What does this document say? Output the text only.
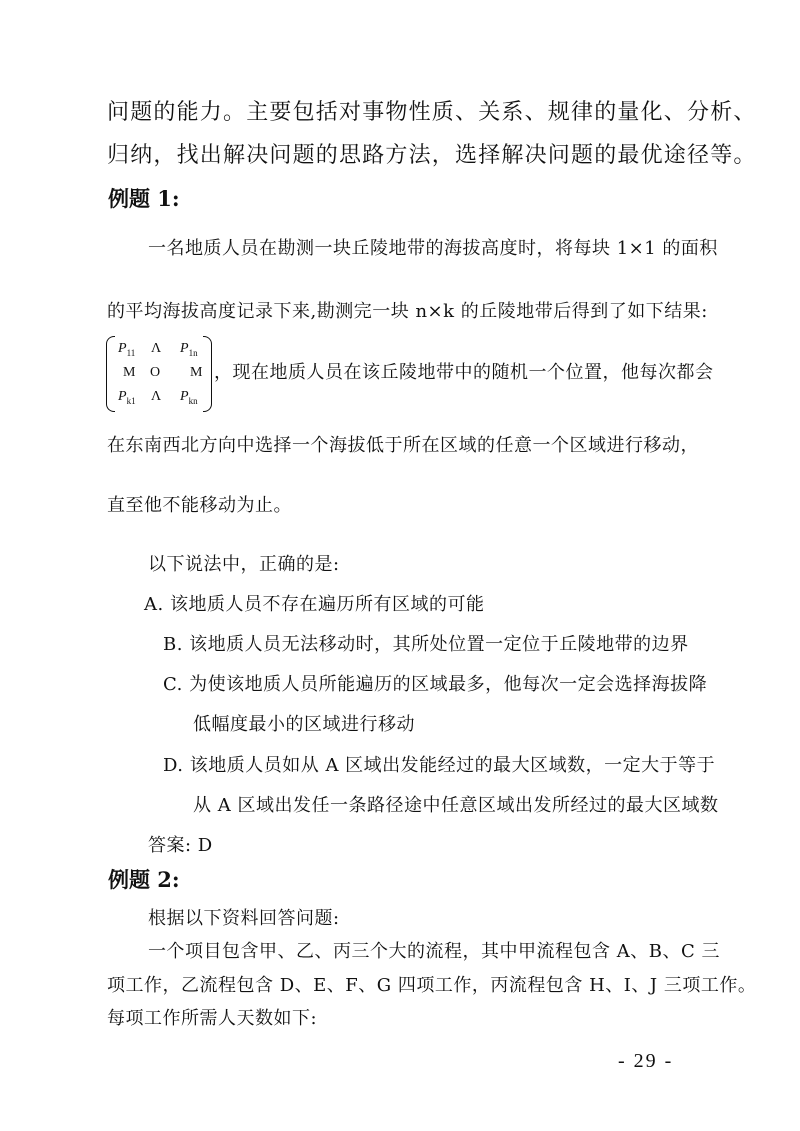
问题的能力。主要包括对事物性质、关系、规律的量化、分析、
归纳，找出解决问题的思路方法，选择解决问题的最优途径等。
例题 1:
一名地质人员在勘测一块丘陵地带的海拔高度时，将每块 1×1 的面积
的平均海拔高度记录下来,勘测完一块 n×k 的丘陵地带后得到了如下结果:
$P_{11}$ Λ $P_{1n}$
M O M
$P_{k1}$ Λ $P_{kn}$
，现在地质人员在该丘陵地带中的随机一个位置，他每次都会
在东南西北方向中选择一个海拔低于所在区域的任意一个区域进行移动，
直至他不能移动为止。
以下说法中，正确的是:
A. 该地质人员不存在遍历所有区域的可能
B. 该地质人员无法移动时，其所处位置一定位于丘陵地带的边界
C. 为使该地质人员所能遍历的区域最多，他每次一定会选择海拔降
低幅度最小的区域进行移动
D. 该地质人员如从 A 区域出发能经过的最大区域数，一定大于等于
从 A 区域出发任一条路径途中任意区域出发所经过的最大区域数
答案: D
例题 2:
根据以下资料回答问题:
一个项目包含甲、乙、丙三个大的流程，其中甲流程包含 A、B、C 三
项工作，乙流程包含 D、E、F、G 四项工作，丙流程包含 H、I、J 三项工作。
每项工作所需人天数如下:
- 29 -
